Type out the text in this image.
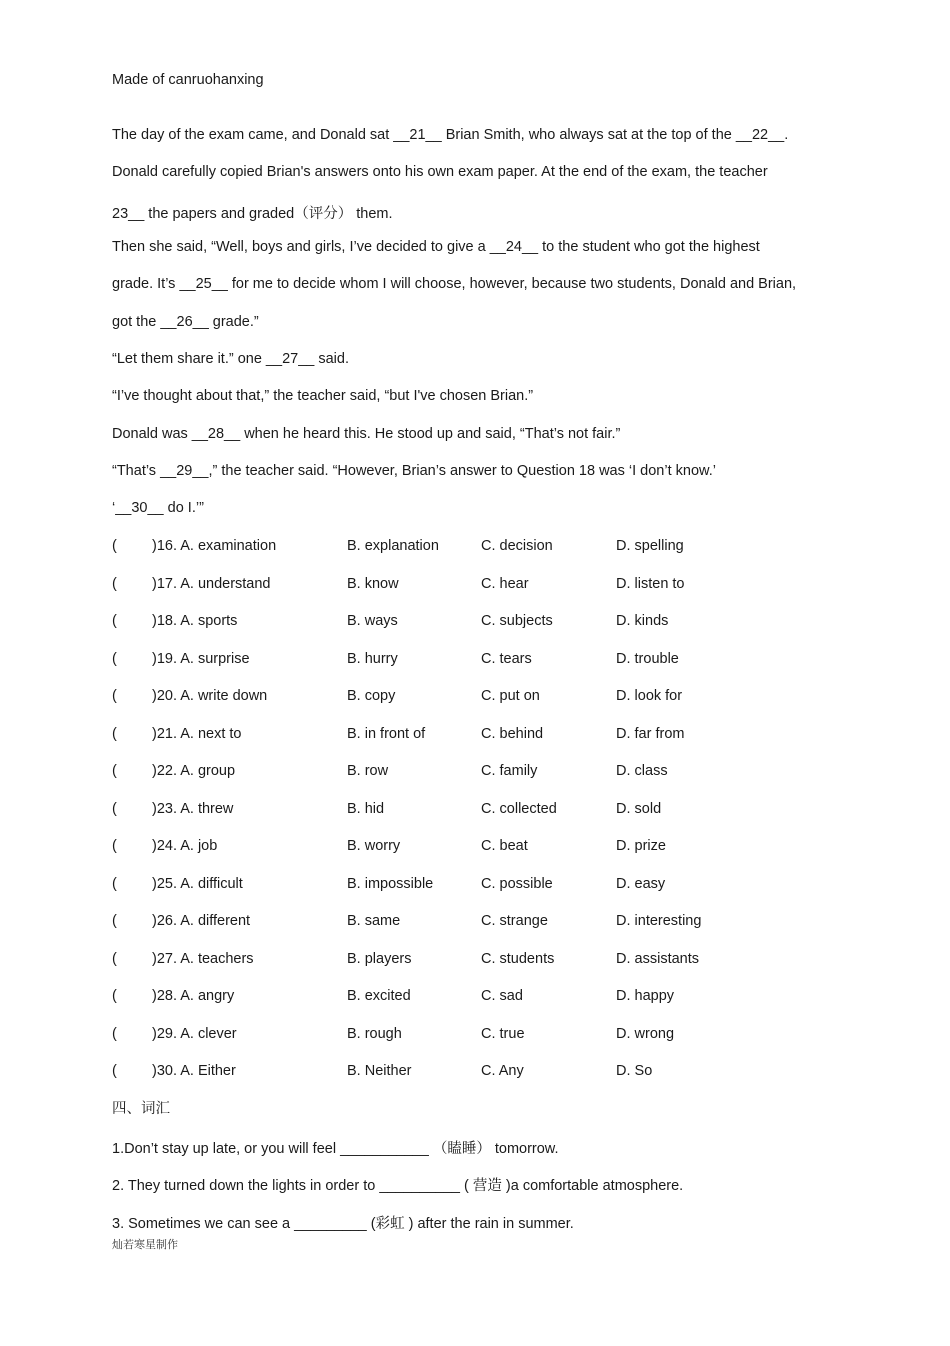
Made of canruohanxing
The day of the exam came, and Donald sat __21__ Brian Smith, who always sat at the top of the __22__.
Donald carefully copied Brian's answers onto his own exam paper. At the end of the exam, the teacher
23__ the papers and graded（评分） them.
Then she said, “Well, boys and girls, I’ve decided to give a __24__ to the student who got the highest
grade. It’s __25__ for me to decide whom I will choose, however, because two students, Donald and Brian,
got the __26__ grade.”
“Let them share it.” one __27__ said.
“I’ve thought about that,” the teacher said, “but I've chosen Brian.”
Donald was __28__ when he heard this. He stood up and said, “That’s not fair.”
“That’s __29__,” the teacher said. “However, Brian’s answer to Question 18 was ‘I don’t know.’
‘__30__ do I.’”
( )16. A. examination	B. explanation	C. decision	D. spelling
( )17. A. understand	B. know	C. hear	D. listen to
( )18. A. sports	B. ways	C. subjects	D. kinds
( )19. A. surprise	B. hurry	C. tears	D. trouble
( )20. A. write down	B. copy	C. put on	D. look for
( )21. A. next to	B. in front of	C. behind	D. far from
( )22. A. group	B. row	C. family	D. class
( )23. A. threw	B. hid	C. collected	D. sold
( )24. A. job	B. worry	C. beat	D. prize
( )25. A. difficult	B. impossible	C. possible	D. easy
( )26. A. different	B. same	C. strange	D. interesting
( )27. A. teachers	B. players	C. students	D. assistants
( )28. A. angry	B. excited	C. sad	D. happy
( )29. A. clever	B. rough	C. true	D. wrong
( )30. A. Either	B. Neither	C. Any	D. So
四、词汇
1.Don’t stay up late, or you will feel ___________ （瞌睡） tomorrow.
2. They turned down the lights in order to __________ ( 营造 )a comfortable atmosphere.
3. Sometimes we can see a _________ (彩虹 ) after the rain in summer.
灿若寒星制作
